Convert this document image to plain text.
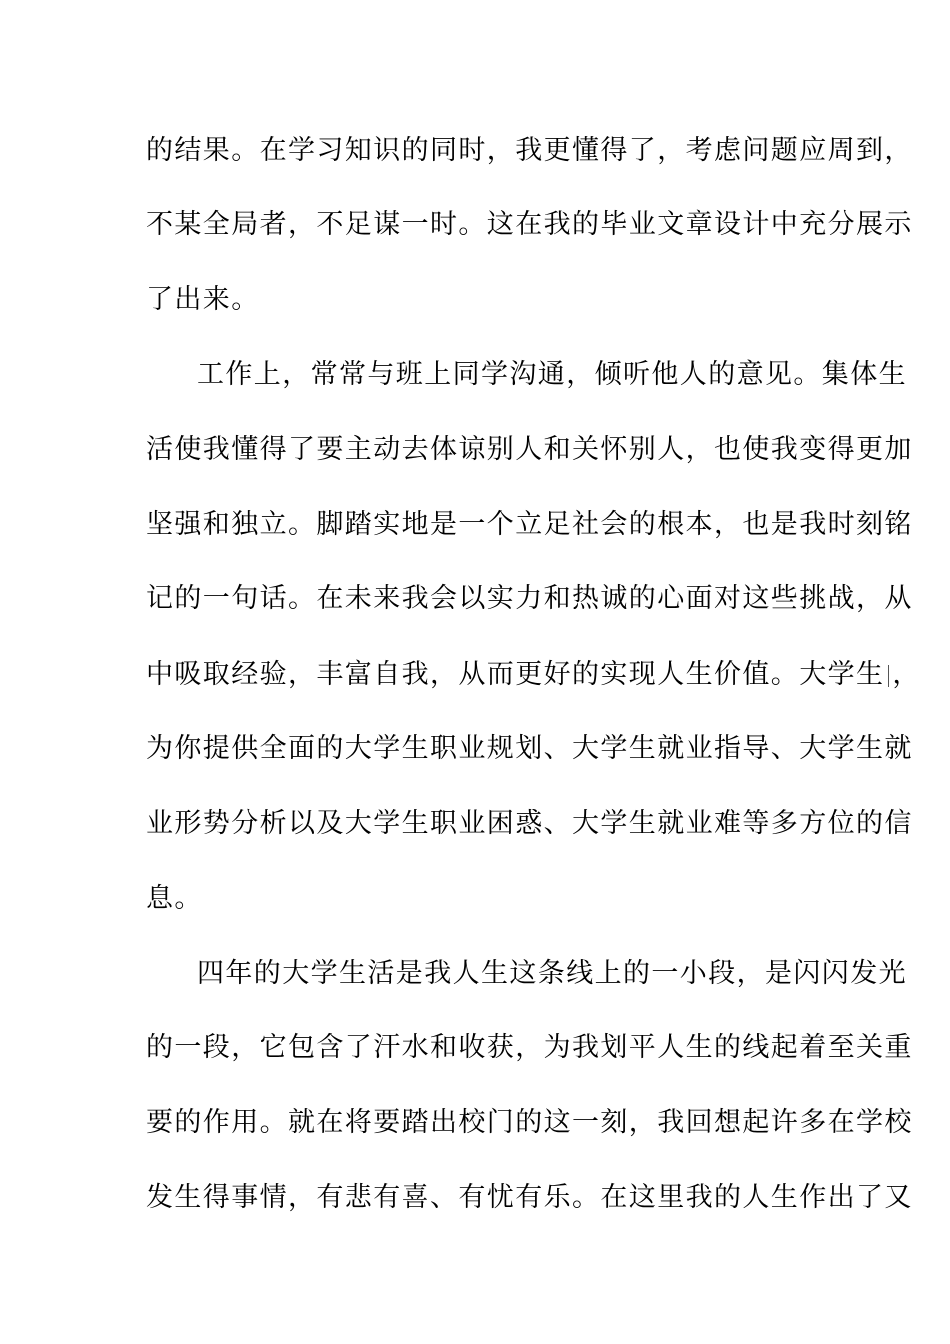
的结果。在学习知识的同时，我更懂得了，考虑问题应周到，
不某全局者，不足谋一时。这在我的毕业文章设计中充分展示
了出来。
工作上，常常与班上同学沟通，倾听他人的意见。集体生
活使我懂得了要主动去体谅别人和关怀别人，也使我变得更加
坚强和独立。脚踏实地是一个立足社会的根本，也是我时刻铭
记的一句话。在未来我会以实力和热诚的心面对这些挑战，从
中吸取经验，丰富自我，从而更好的实现人生价值。大学生 ，
为你提供全面的大学生职业规划、大学生就业指导、大学生就
业形势分析以及大学生职业困惑、大学生就业难等多方位的信
息。
四年的大学生活是我人生这条线上的一小段，是闪闪发光
的一段，它包含了汗水和收获，为我划平人生的线起着至关重
要的作用。就在将要踏出校门的这一刻，我回想起许多在学校
发生得事情，有悲有喜、有忧有乐。在这里我的人生作出了又
